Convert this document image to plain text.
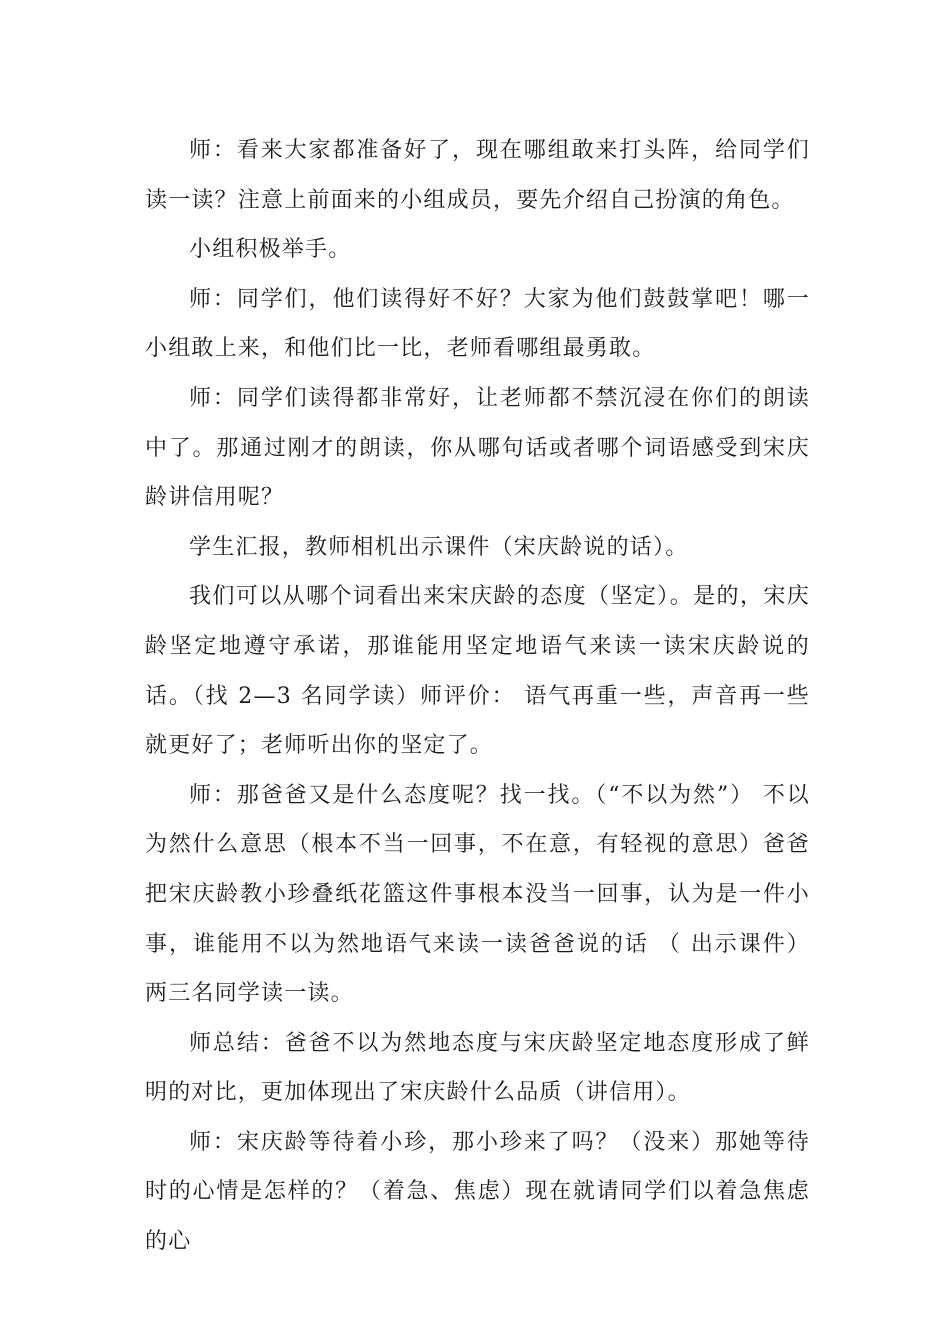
师：看来大家都准备好了，现在哪组敢来打头阵，给同学们读一读？注意上前面来的小组成员，要先介绍自己扮演的角色。

小组积极举手。

师：同学们，他们读得好不好？大家为他们鼓鼓掌吧！哪一小组敢上来，和他们比一比，老师看哪组最勇敢。

师：同学们读得都非常好，让老师都不禁沉浸在你们的朗读中了。那通过刚才的朗读，你从哪句话或者哪个词语感受到宋庆龄讲信用呢？

学生汇报，教师相机出示课件（宋庆龄说的话）。

我们可以从哪个词看出来宋庆龄的态度（坚定）。是的，宋庆龄坚定地遵守承诺，那谁能用坚定地语气来读一读宋庆龄说的话。（找 2—3 名同学读）师评价： 语气再重一些，声音再一些就更好了；老师听出你的坚定了。

师：那爸爸又是什么态度呢？找一找。（“不以为然”） 不以为然什么意思（根本不当一回事，不在意，有轻视的意思）爸爸把宋庆龄教小珍叠纸花篮这件事根本没当一回事，认为是一件小事，谁能用不以为然地语气来读一读爸爸说的话 （ 出示课件）两三名同学读一读。

师总结：爸爸不以为然地态度与宋庆龄坚定地态度形成了鲜明的对比，更加体现出了宋庆龄什么品质（讲信用）。

师：宋庆龄等待着小珍，那小珍来了吗？（没来）那她等待时的心情是怎样的？（着急、焦虑）现在就请同学们以着急焦虑的心
